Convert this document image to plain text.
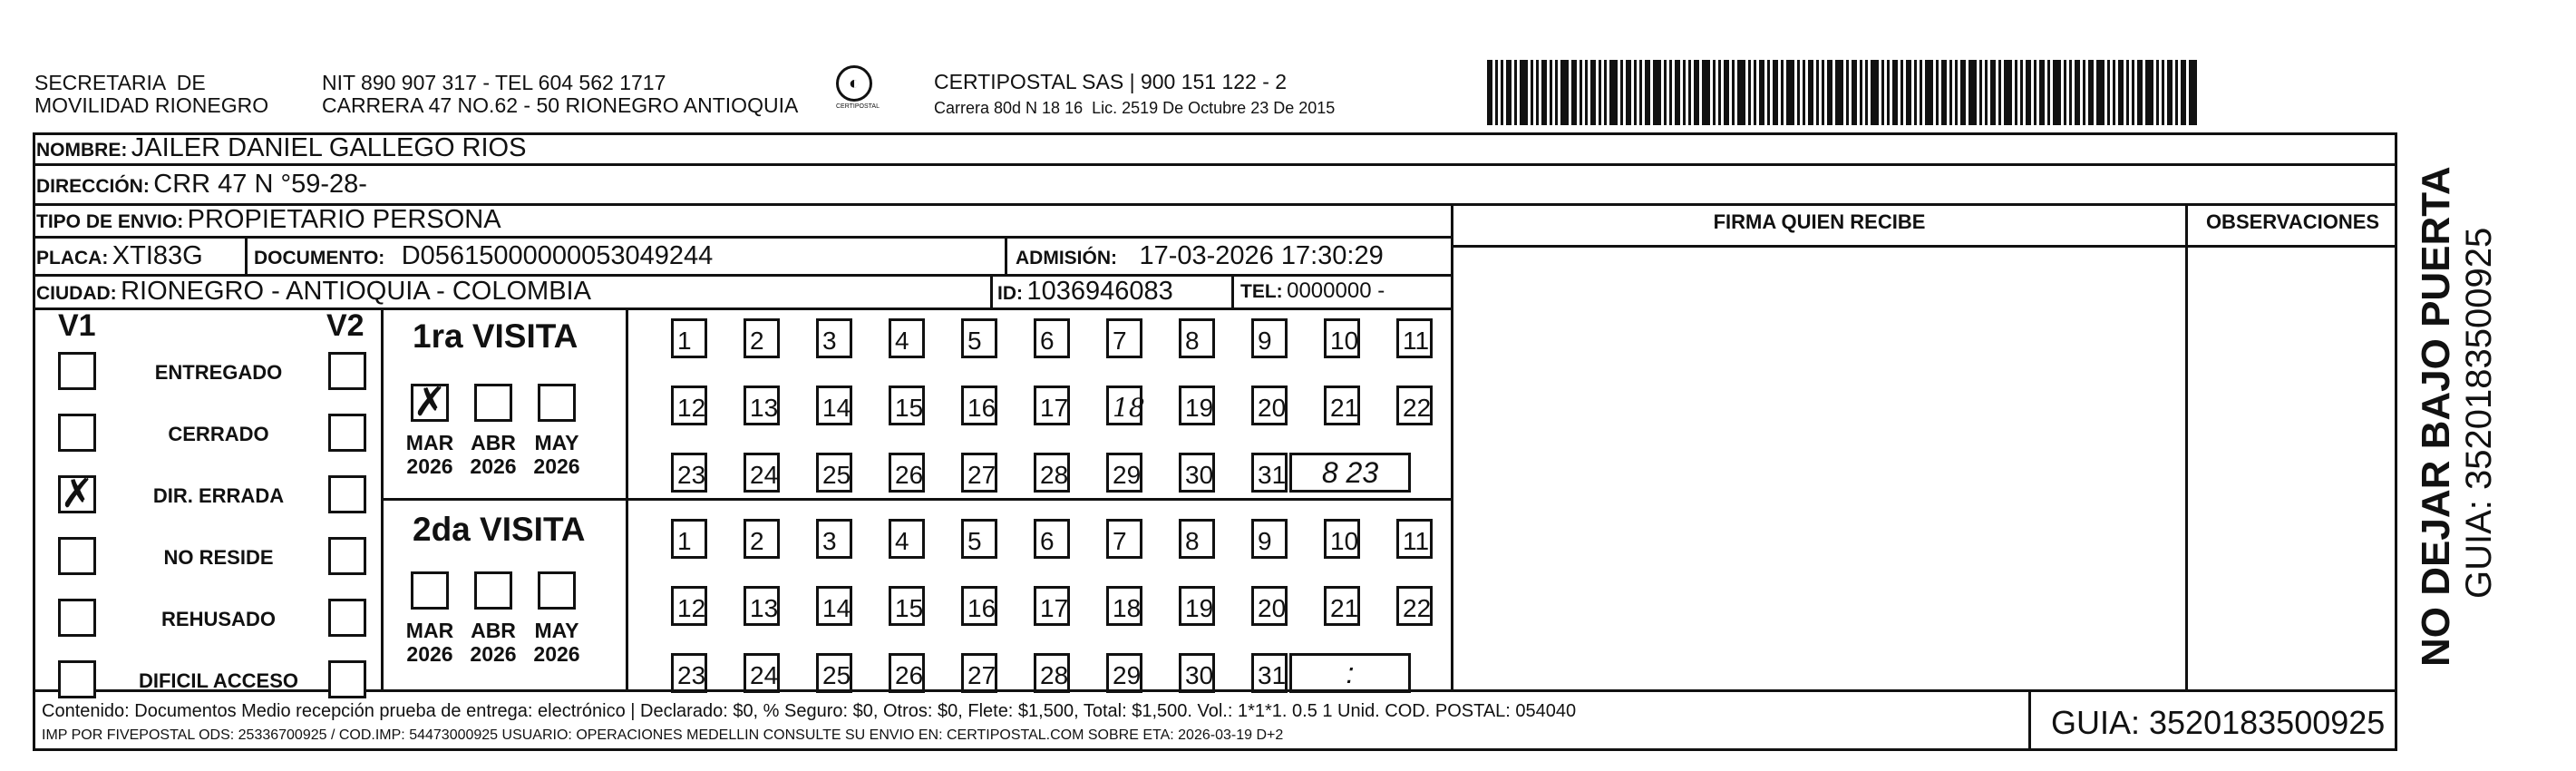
SECRETARIA  DE
MOVILIDAD RIONEGRO
NIT 890 907 317 - TEL 604 562 1717
CARRERA 47 NO.62 - 50 RIONEGRO ANTIOQUIA
◐
CERTIPOSTAL
CERTIPOSTAL SAS | 900 151 122 - 2
Carrera 80d N 18 16  Lic. 2519 De Octubre 23 De 2015
NOMBRE: JAILER DANIEL GALLEGO RIOS
DIRECCIÓN: CRR 47 N °59-28-
TIPO DE ENVIO: PROPIETARIO PERSONA
PLACA: XTI83G	DOCUMENTO: D05615000000053049244	ADMISIÓN: 17-03-2026 17:30:29
CIUDAD: RIONEGRO - ANTIOQUIA - COLOMBIA	ID: 1036946083	TEL: 0000000 -
FIRMA QUIEN RECIBE	OBSERVACIONES
V1	V2 1ra VISITA
2da VISITA
Contenido: Documentos Medio recepción prueba de entrega: electrónico | Declarado: $0, % Seguro: $0, Otros: $0, Flete: $1,500, Total: $1,500. Vol.: 1*1*1. 0.5 1 Unid. COD. POSTAL: 054040
IMP POR FIVEPOSTAL ODS: 25336700925 / COD.IMP: 54473000925 USUARIO: OPERACIONES MEDELLIN CONSULTE SU ENVIO EN: CERTIPOSTAL.COM SOBRE ETA: 2026-03-19 D+2	GUIA: 3520183500925
NO DEJAR BAJO PUERTA GUIA: 3520183500925
ENTREGADO
CERRADO
✗	DIR. ERRADA
NO RESIDE
REHUSADO
DIFICIL ACCESO
✗
MAR
2026
ABR
2026
MAY
2026
MAR
2026
ABR
2026
MAY
2026
1	2	3	4	5	6	7	8	9	10 11
12 13 14 15 16 17 18 19 20 21 22
23 24 25 26 27 28 29 30 31	8 23
1	2	3	4	5	6	7	8	9	10 11
12 13 14 15 16 17 18 19 20 21 22
23 24 25 26 27 28 29 30 31	:
